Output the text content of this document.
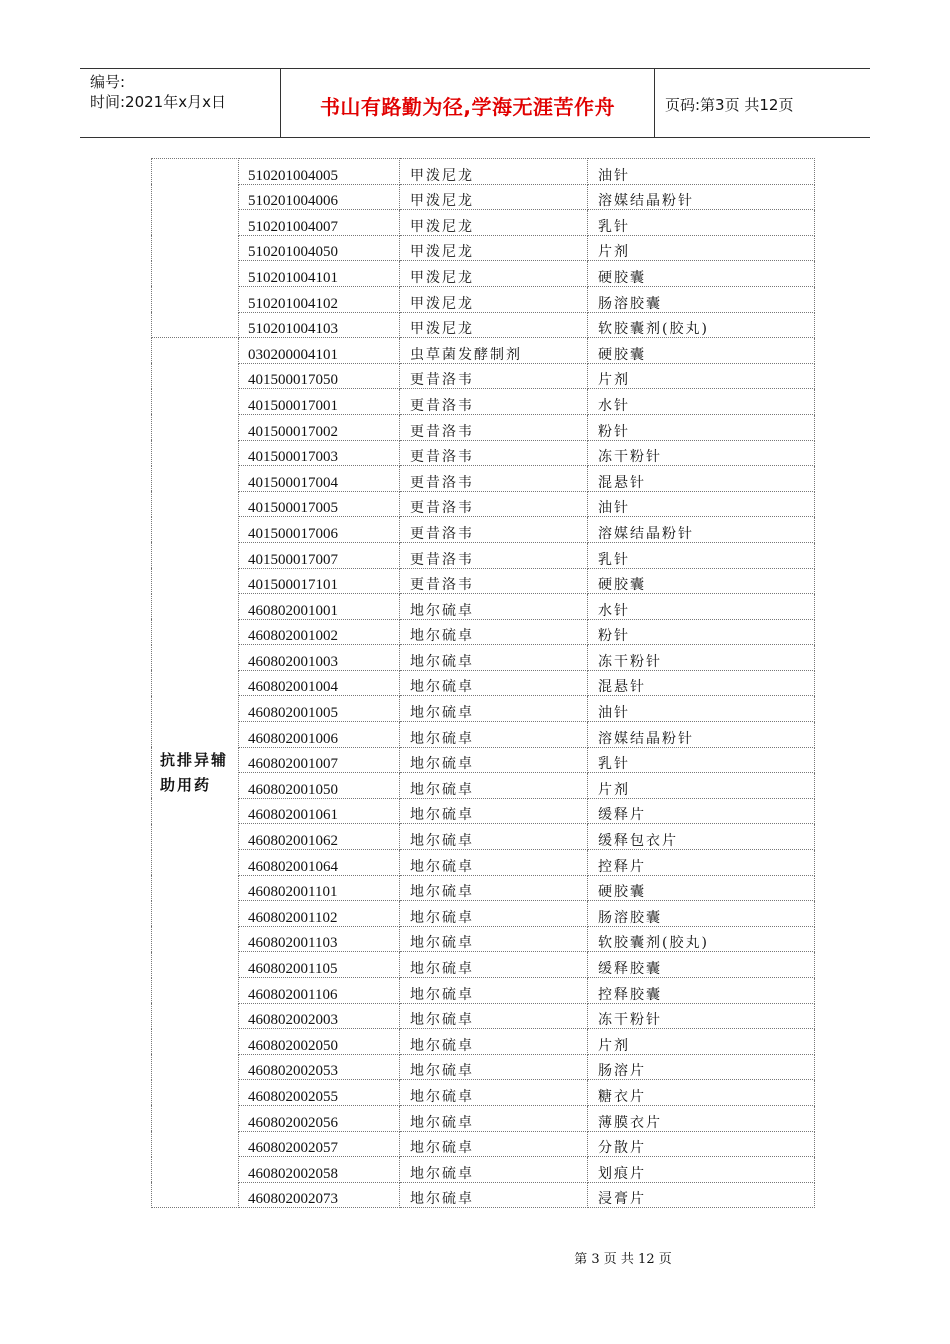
编号:
时间:2021年x月x日	书山有路勤为径,学海无涯苦作舟	页码:第3页 共12页
	510201004005	甲泼尼龙	油针
	510201004006	甲泼尼龙	溶媒结晶粉针
	510201004007	甲泼尼龙	乳针
	510201004050	甲泼尼龙	片剂
	510201004101	甲泼尼龙	硬胶囊
	510201004102	甲泼尼龙	肠溶胶囊
	510201004103	甲泼尼龙	软胶囊剂(胶丸)
抗排异辅助用药	030200004101	虫草菌发酵制剂	硬胶囊
	401500017050	更昔洛韦	片剂
	401500017001	更昔洛韦	水针
	401500017002	更昔洛韦	粉针
	401500017003	更昔洛韦	冻干粉针
	401500017004	更昔洛韦	混悬针
	401500017005	更昔洛韦	油针
	401500017006	更昔洛韦	溶媒结晶粉针
	401500017007	更昔洛韦	乳针
	401500017101	更昔洛韦	硬胶囊
	460802001001	地尔硫卓	水针
	460802001002	地尔硫卓	粉针
	460802001003	地尔硫卓	冻干粉针
	460802001004	地尔硫卓	混悬针
	460802001005	地尔硫卓	油针
	460802001006	地尔硫卓	溶媒结晶粉针
	460802001007	地尔硫卓	乳针
	460802001050	地尔硫卓	片剂
	460802001061	地尔硫卓	缓释片
	460802001062	地尔硫卓	缓释包衣片
	460802001064	地尔硫卓	控释片
	460802001101	地尔硫卓	硬胶囊
	460802001102	地尔硫卓	肠溶胶囊
	460802001103	地尔硫卓	软胶囊剂(胶丸)
	460802001105	地尔硫卓	缓释胶囊
	460802001106	地尔硫卓	控释胶囊
	460802002003	地尔硫卓	冻干粉针
	460802002050	地尔硫卓	片剂
	460802002053	地尔硫卓	肠溶片
	460802002055	地尔硫卓	糖衣片
	460802002056	地尔硫卓	薄膜衣片
	460802002057	地尔硫卓	分散片
	460802002058	地尔硫卓	划痕片
	460802002073	地尔硫卓	浸膏片
第 3 页 共 12 页
